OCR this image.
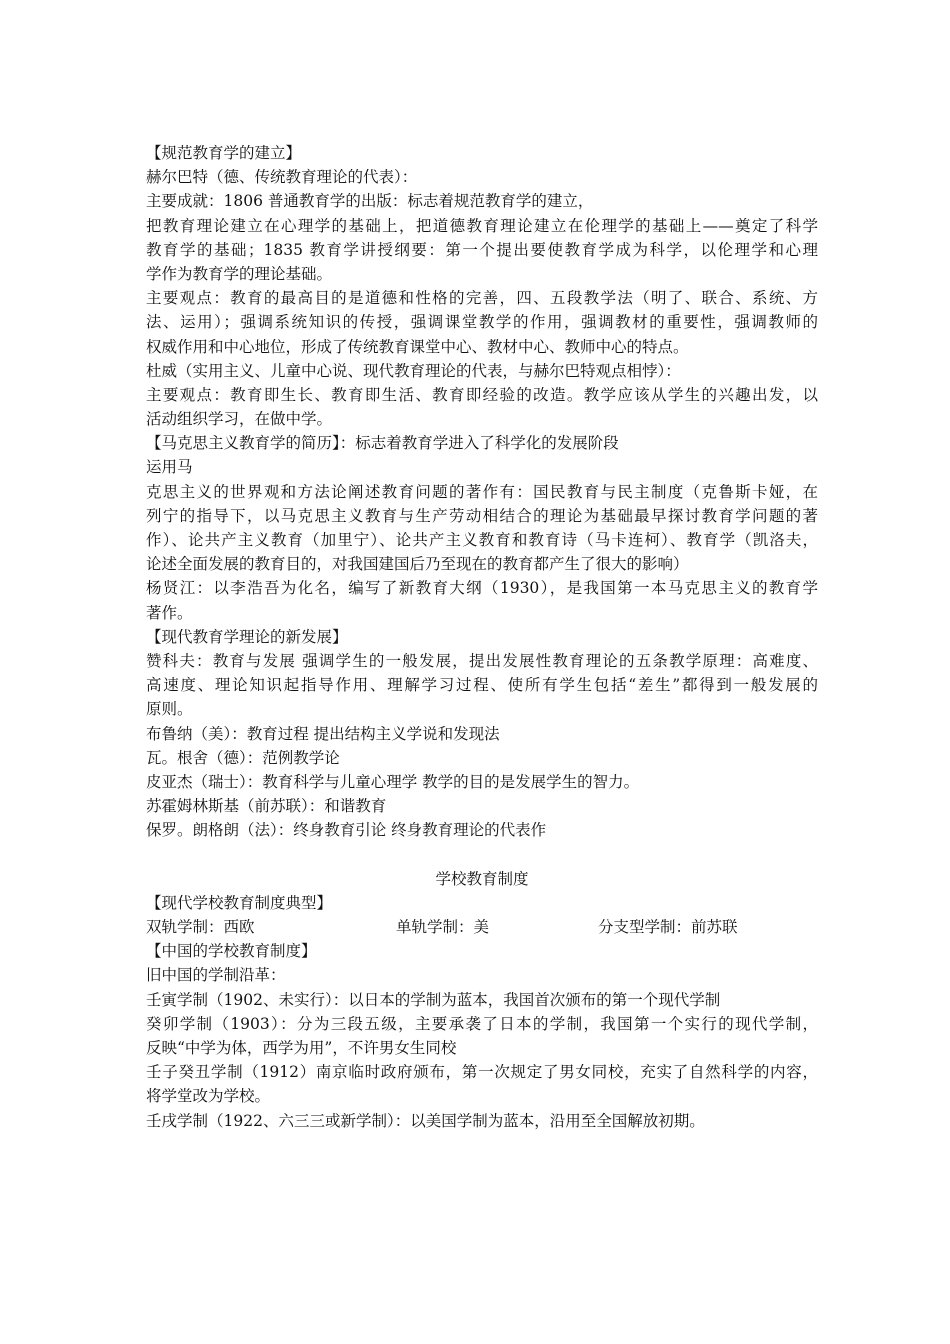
【规范教育学的建立】
赫尔巴特（德、传统教育理论的代表）：
主要成就：1806 普通教育学的出版：标志着规范教育学的建立，
把教育理论建立在心理学的基础上，把道德教育理论建立在伦理学的基础上——奠定了科学
教育学的基础；1835 教育学讲授纲要：第一个提出要使教育学成为科学，以伦理学和心理
学作为教育学的理论基础。
主要观点：教育的最高目的是道德和性格的完善，四、五段教学法（明了、联合、系统、方
法、运用）；强调系统知识的传授，强调课堂教学的作用，强调教材的重要性，强调教师的
权威作用和中心地位，形成了传统教育课堂中心、教材中心、教师中心的特点。
杜威（实用主义、儿童中心说、现代教育理论的代表，与赫尔巴特观点相悖）：
主要观点：教育即生长、教育即生活、教育即经验的改造。教学应该从学生的兴趣出发，以
活动组织学习，在做中学。
【马克思主义教育学的简历】：标志着教育学进入了科学化的发展阶段
运用马
克思主义的世界观和方法论阐述教育问题的著作有：国民教育与民主制度（克鲁斯卡娅，在
列宁的指导下，以马克思主义教育与生产劳动相结合的理论为基础最早探讨教育学问题的著
作）、论共产主义教育（加里宁）、论共产主义教育和教育诗（马卡连柯）、教育学（凯洛夫，
论述全面发展的教育目的，对我国建国后乃至现在的教育都产生了很大的影响）
杨贤江：以李浩吾为化名，编写了新教育大纲（1930），是我国第一本马克思主义的教育学
著作。
【现代教育学理论的新发展】
赞科夫：教育与发展 强调学生的一般发展，提出发展性教育理论的五条教学原理：高难度、
高速度、理论知识起指导作用、理解学习过程、使所有学生包括“差生”都得到一般发展的
原则。
布鲁纳（美）：教育过程 提出结构主义学说和发现法
瓦。根舍（德）：范例教学论
皮亚杰（瑞士）：教育科学与儿童心理学 教学的目的是发展学生的智力。
苏霍姆林斯基（前苏联）：和谐教育
保罗。朗格朗（法）：终身教育引论 终身教育理论的代表作
学校教育制度
【现代学校教育制度典型】
双轨学制：西欧	单轨学制：美	分支型学制：前苏联
【中国的学校教育制度】
旧中国的学制沿革：
壬寅学制（1902、未实行）：以日本的学制为蓝本，我国首次颁布的第一个现代学制
癸卯学制（1903）：分为三段五级，主要承袭了日本的学制，我国第一个实行的现代学制，
反映“中学为体，西学为用”，不许男女生同校
壬子癸丑学制（1912）南京临时政府颁布，第一次规定了男女同校，充实了自然科学的内容，
将学堂改为学校。
壬戌学制（1922、六三三或新学制）：以美国学制为蓝本，沿用至全国解放初期。
